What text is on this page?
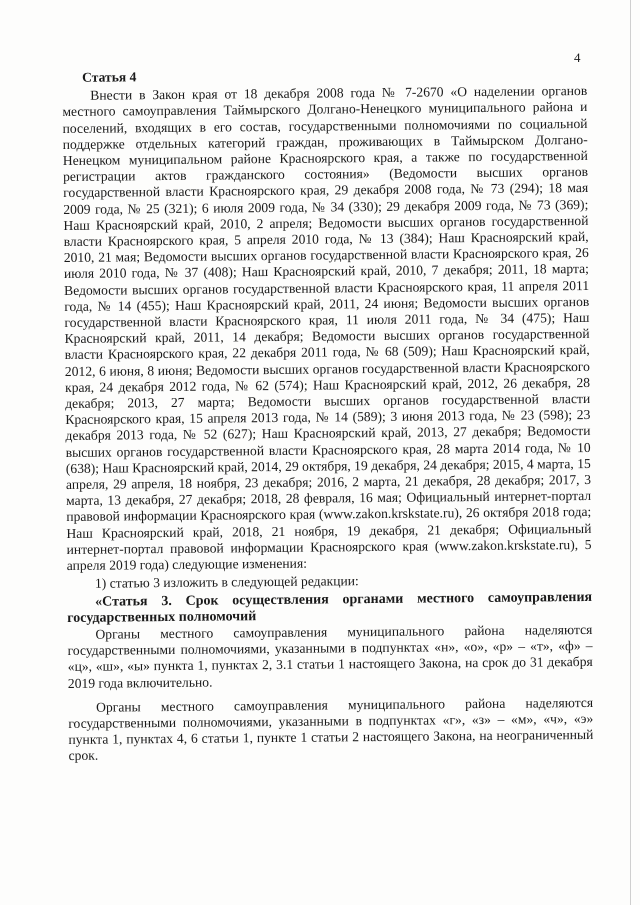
4

Статья 4

Внести в Закон края от 18 декабря 2008 года № 7-2670 «О наделении органов местного самоуправления Таймырского Долгано-Ненецкого муниципального района и поселений, входящих в его состав, государственными полномочиями по социальной поддержке отдельных категорий граждан, проживающих в Таймырском Долгано-Ненецком муниципальном районе Красноярского края, а также по государственной регистрации актов гражданского состояния» (Ведомости высших органов государственной власти Красноярского края, 29 декабря 2008 года, № 73 (294); 18 мая 2009 года, № 25 (321); 6 июля 2009 года, № 34 (330); 29 декабря 2009 года, № 73 (369); Наш Красноярский край, 2010, 2 апреля; Ведомости высших органов государственной власти Красноярского края, 5 апреля 2010 года, № 13 (384); Наш Красноярский край, 2010, 21 мая; Ведомости высших органов государственной власти Красноярского края, 26 июля 2010 года, № 37 (408); Наш Красноярский край, 2010, 7 декабря; 2011, 18 марта; Ведомости высших органов государственной власти Красноярского края, 11 апреля 2011 года, № 14 (455); Наш Красноярский край, 2011, 24 июня; Ведомости высших органов государственной власти Красноярского края, 11 июля 2011 года, № 34 (475); Наш Красноярский край, 2011, 14 декабря; Ведомости высших органов государственной власти Красноярского края, 22 декабря 2011 года, № 68 (509); Наш Красноярский край, 2012, 6 июня, 8 июня; Ведомости высших органов государственной власти Красноярского края, 24 декабря 2012 года, № 62 (574); Наш Красноярский край, 2012, 26 декабря, 28 декабря; 2013, 27 марта; Ведомости высших органов государственной власти Красноярского края, 15 апреля 2013 года, № 14 (589); 3 июня 2013 года, № 23 (598); 23 декабря 2013 года, № 52 (627); Наш Красноярский край, 2013, 27 декабря; Ведомости высших органов государственной власти Красноярского края, 28 марта 2014 года, № 10 (638); Наш Красноярский край, 2014, 29 октября, 19 декабря, 24 декабря; 2015, 4 марта, 15 апреля, 29 апреля, 18 ноября, 23 декабря; 2016, 2 марта, 21 декабря, 28 декабря; 2017, 3 марта, 13 декабря, 27 декабря; 2018, 28 февраля, 16 мая; Официальный интернет-портал правовой информации Красноярского края (www.zakon.krskstate.ru), 26 октября 2018 года; Наш Красноярский край, 2018, 21 ноября, 19 декабря, 21 декабря; Официальный интернет-портал правовой информации Красноярского края (www.zakon.krskstate.ru), 5 апреля 2019 года) следующие изменения:

1) статью 3 изложить в следующей редакции:

«Статья 3. Срок осуществления органами местного самоуправления государственных полномочий

Органы местного самоуправления муниципального района наделяются государственными полномочиями, указанными в подпунктах «н», «о», «р» – «т», «ф» – «ц», «ш», «ы» пункта 1, пунктах 2, 3.1 статьи 1 настоящего Закона, на срок до 31 декабря 2019 года включительно.

Органы местного самоуправления муниципального района наделяются государственными полномочиями, указанными в подпунктах «г», «з» – «м», «ч», «э» пункта 1, пунктах 4, 6 статьи 1, пункте 1 статьи 2 настоящего Закона, на неограниченный срок.
